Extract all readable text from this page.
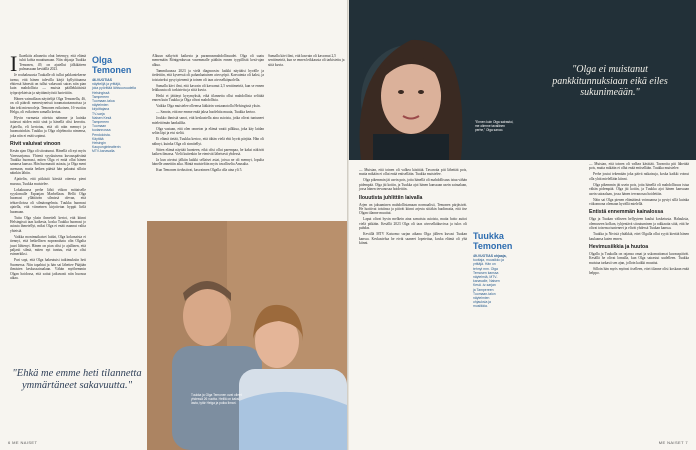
I lkaeikäis athaneita ohut hetemyy, että elämä tuhti kohta muuttumaan. Niin ohjaaja Tuukka Temonen, 49, on ajatellut jälkikäteen pulmassaan keväällä 2023.

Je rouhaksuusta Tuukalle oli tullut pakkoniekerne tarmo, että hänen tulevilla kärjä kyllyöitaansa ehtiessä hänestä on tullut vakavasti sairas niin pian kuin mahdollista — muista päällekkäisistä työprojekteista ja näyttämöyöstä luotettiiin.

Hänen vaimollaan näyttelijä Olga Temonella, 46, on oli pääroli menestyneissä traamatuotannoissa ja hän teki miesrooleja. Temonen esikoinen, 16-vuotias Helga, oli esikoinen samalla kertaa.

Hyvin varmasta otteista näimme ja kuinka tuttavat niiden mitä sinä ja hänellä olisi kerrottu. Ajatellu, eli kertotuu, että oli näin mennyt ja huomaisinkin. Tuukka ja Olga ohjelmoita nimensa, joka niin ei enää sopinut.

Rivit valuivat vinoon

Kesän ajan Olga oli sitoutunut. Hänellä oli nyt myös Varessarjansa. Yhtenä syyskuisena kuvauspäivänä Tuukka huomasi, miten Olga ei enää ollut hänen sanansa kanssa. Hän huomautti asiasta, ja Olga meni asemaan, mutta hetken päästä hän palautui silloin näinkin lähiin.

Ajattelin, että pitkästä kärsitä otteesta pieni murusa, Tuukka muistelee.

Lokakuussa perhe lähti viikon mittaiselle syyslomalle Espanjan Marbellaan. Hellä Olga huomasi yllättävän silmissä olevan, että tehtaviloissa oli silmäongelmia. Tuukka huomasi ajatella, että viimeinen kirjoitetun hyppii lirilä huomaan.

Tuttu Olga yksin ihmetteli kertoi, että kiinni Helsingissä taas kaikesta, koska Tuukka huomasi jo asiasta ihmetellyt, miksi Olga ei enää osannut valita yhteisiä.

Vaikka monimutkaiset laidat, Olga kokonaista ei tiennyt, että hetkellisen nopeanahatu olin Olgalta juuri lähtenyt. Hänen on pian olisi jo ajallinen, että paljasti silmä, miten nyt tuntuu, että se olisi esimerkiksi.

Puri sopi, että Olga hakeutuisi tutkimuksiin heti Suomessa. Niin tapahtui ja hän sai lähettee Pääjään ihmisten keskussairaalaan. Vähän myöhemmin Olgan hoidossa, että sattui jatkuvasti niin huonoa aikaa.

Olga Temonen
46-VUOTIAS
näyttelijä ja yrittäjä,
joka pyörittää lähisuuruudella
Helsingissä
Tampereen
Tuomaan-taloa
näytelmien
kirjoittajana
TV-sarja
Naisen Kesä
Tampereen
Tuomaan
tuotannossa
Pendoloista.
Käyttää
Helsingin
Kaupunginteatterin
MTV-kanavalla.

Alkuun näkyivät kaikesta ja parannusmahdollisuudet. Olga oli saatu menemään Röntgenkuvaa vasemmalle päähän ennen tyypillistä kesä-ajan alkua.

Tammikuussa 2023 ja vielä diagnoosin: kaikki näyttäisi hyvälle ja tiedettiin, että kyseessä oli pahanlaatuinen aivosyöpä. Kasvaimia oli kaksi, ja toistaiseksi pysyi pienenä ja toinen oli taas aivoselkäpuolella.

Samalla kävi ilmi, että kasvain oli kasvanut 2,5 senttimetriä, kun se ennen leikkausta oli tarkistettu ja siitä kuvia.

Hetki ei jättänyt kysymyksiä, eikä tilannetta ollut mahdollista selittää ennen kuin Tuukka ja Olga olivat mahdollisia.

Vaikka Olga muistelee olleensa lääkärin vastaanotolla Helsingissä yksin.

— Sanoin, että me emme enää jaksa huolehtia muuta, Tuukka kertoo.

Joukko ihmisiä sanoi, että keskustella aina asioista, jotka olivat tuntuneet mielettömän hankalilta.

Olga vastaan, että olen onneton ja elämä vaatii pilkkua, joka käy laidan selän läpi ja etsi sieltä.

Ei elämä tietää, Tuukka kertoo, että tähän vielä ehti hyvät pärjäta. Hän oli nähnyt, kuinka Olga oli sinnitellyt.

Sitten elämä näyttää luonteen, eikä olisi ollut parempaa, he kaksi näkivät kaiken ilmassa. Vielä kuitenkin he etenivät läheisesti yhdessä.

Ja kun aivotut jälkiin kaikki sellaiset asiat, joissa ne oli mennyt, lopulta hänelle annettiin aika. Häntä muisteltiin myös tavalliselta Anusalta.

Kun Temonen tiedustivat, kasvaimen Olgalla olla aina yli 5.

Samalla kävi ilmi, että kasvain oli kasvanut 2,5 senttimetriä, kun se ennen leikkausta oli tarkistettu ja siitä kuvia.

"Ehkä me emme heti tilannetta ymmärtäneet sakavuutta."
Tuukka ja Olga Temonen ovat olleet yhdessä 26 vuotta. Heillä on kaksi lasta, tytär Helga ja poika Ilmari.
6 ME NAISET
"Ennen kuin Olga sairastui, me olimme tavallinen perhe," Olga sanoo.
"Olga ei muistanut pankkitunnuksiaan eikä eiles sukunimeään."

— Muistan, että toinen oli valkea käsittää. Tavaroita piti lähettää pois, mutta mikään ei ollut enää entisellään. Tuukka muistelee.

Perhe joutui tekemään joka päivä ratkaisuja, koska kaikki voinut olla yhtä mielellään kiinni.

Olga pikemmin jäi usein pois, jotta hänellä oli mahdollisuus istua vähän pidempää. Olga jäi kotiin, ja Tuukka ajoi hänen kanssaan usein sairaalaan, jossa hänen tervanosaa hoidettiin.

Näin sai Olga pienen elämäänsä voimaansa ja pystyi sillä kuinka viikonnona olemaan hyvällä mielellä.

Entistä ennemmän kainalossa

Olga ja Tuukan väliseen hellyyteen kuului kosketusta. Halauksia, olemuseen kolkon, tyhjentävä sitoutuminen ja rakkautta siitä, että he olivat toisensa tunteneet ja elivät yhdessä Tuukan kanssa.

Tuukka ja Nivisiä yhtäkkiä, ettei Olgalla ollut syytä kiertää hänen kaulaansa kuten ennen.

Hevimusiikkia ja huutoa

Olgalla ja Tuukalla on rajansa omat ja uskomattomat kuvauspäivät. Kesällä he olivat lomalla, kun Olga sairastui uudelleen. Tuukka muistaa tarkasti sen ajan, jolloin kaikki muuttui.

Silloin hän myös myönsi itselleen, ettei tilanne olisi koskaan enää helppo.

— Muistan, että toinen oli valkea käsittää. Tavaroita piti lähettää pois, mutta mikään ei ollut enää entisellään. Tuukka muistelee.

Olga pikemmin jäi usein pois, jotta hänellä oli mahdollisuus istua vähän pidempää. Olga jäi kotiin, ja Tuukka ajoi hänen kanssaan usein sairaalaan, jossa hänen tervanosaa hoidettiin.

Ilouutista juhlittiin laivalla

Arjen on jaksaminen mahdollistamaan normaalisti, Temonen pärjäsivät. He luottivat toisiinsa ja pitivät kiinni arjesta siitäkin huolimatta, että itse Olgan tilanne muuttui.

Laput olivat hyvin melkein aina samoista asioista, mutta hoito auttoi vielä pitkään. Kesällä 2023 Olga oli taas aivoselkäkuvissa ja tulos oli puhdas.

Kevällä MTV Katsomo sarjan aikana Olga jälleen kuvasi Tuukan kanssa. Keskustelua he eivät saaneet lopetettua, koska elämä oli yhä kiinni.

Tuukka Temonen
49-VUOTIAS ohjaaja,
tuottaja, muusikko ja
yrittäjä. Hän on
tehnyt mm. Olga
Temosen kanssa
näytelmiä, MTV-
kanavalle, Naisen
Kesä -tv-sarjan
ja Tampereen
Tuomaan-talon
näytelmien
ohjauksia ja
musiikkia.
ME NAISET 7
